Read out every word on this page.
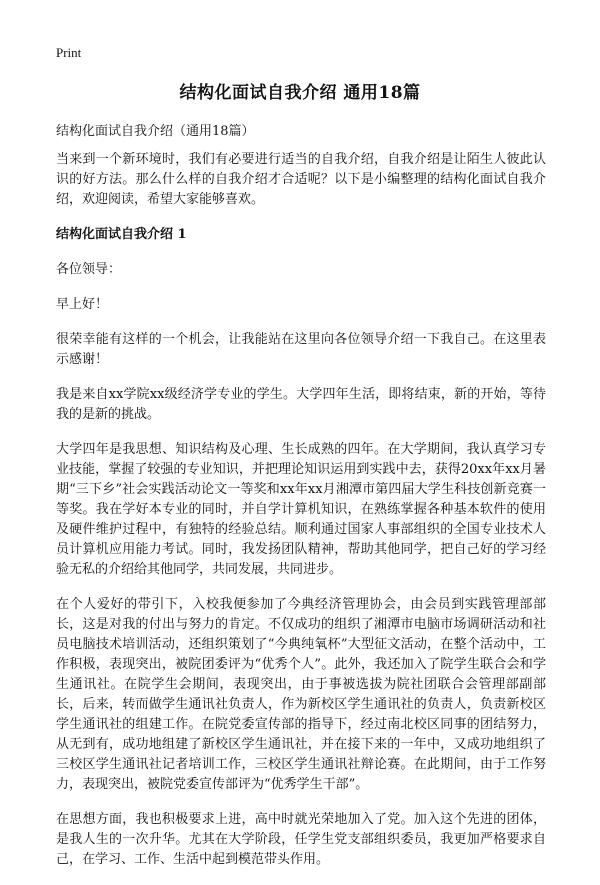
Print
结构化面试自我介绍 通用18篇
结构化面试自我介绍（通用18篇）

当来到一个新环境时，我们有必要进行适当的自我介绍，自我介绍是让陌生人彼此认识的好方法。那么什么样的自我介绍才合适呢？以下是小编整理的结构化面试自我介绍，欢迎阅读，希望大家能够喜欢。

结构化面试自我介绍 1

各位领导：

早上好！

很荣幸能有这样的一个机会，让我能站在这里向各位领导介绍一下我自己。在这里表示感谢！

我是来自xx学院xx级经济学专业的学生。大学四年生活，即将结束，新的开始，等待我的是新的挑战。

大学四年是我思想、知识结构及心理、生长成熟的四年。在大学期间，我认真学习专业技能，掌握了较强的专业知识，并把理论知识运用到实践中去，获得20xx年xx月暑期“三下乡”社会实践活动论文一等奖和xx年xx月湘潭市第四届大学生科技创新竞赛一等奖。我在学好本专业的同时，并自学计算机知识，在熟练掌握各种基本软件的使用及硬件维护过程中，有独特的经验总结。顺利通过国家人事部组织的全国专业技术人员计算机应用能力考试。同时，我发扬团队精神，帮助其他同学，把自己好的学习经验无私的介绍给其他同学，共同发展，共同进步。

在个人爱好的带引下，入校我便参加了今典经济管理协会，由会员到实践管理部部长，这是对我的付出与努力的肯定。不仅成功的组织了湘潭市电脑市场调研活动和社员电脑技术培训活动，还组织策划了“今典纯氧杯”大型征文活动，在整个活动中，工作积极，表现突出，被院团委评为“优秀个人”。此外，我还加入了院学生联合会和学生通讯社。在院学生会期间，表现突出，由于事被选拔为院社团联合会管理部副部长，后来，转而做学生通讯社负责人，作为新校区学生通讯社的负责人，负责新校区学生通讯社的组建工作。在院党委宣传部的指导下，经过南北校区同事的团结努力，从无到有，成功地组建了新校区学生通讯社，并在接下来的一年中，又成功地组织了三校区学生通讯社记者培训工作，三校区学生通讯社辩论赛。在此期间，由于工作努力，表现突出，被院党委宣传部评为“优秀学生干部”。

在思想方面，我也积极要求上进，高中时就光荣地加入了党。加入这个先进的团体，是我人生的一次升华。尤其在大学阶段，任学生党支部组织委员，我更加严格要求自己，在学习、工作、生活中起到模范带头作用。
